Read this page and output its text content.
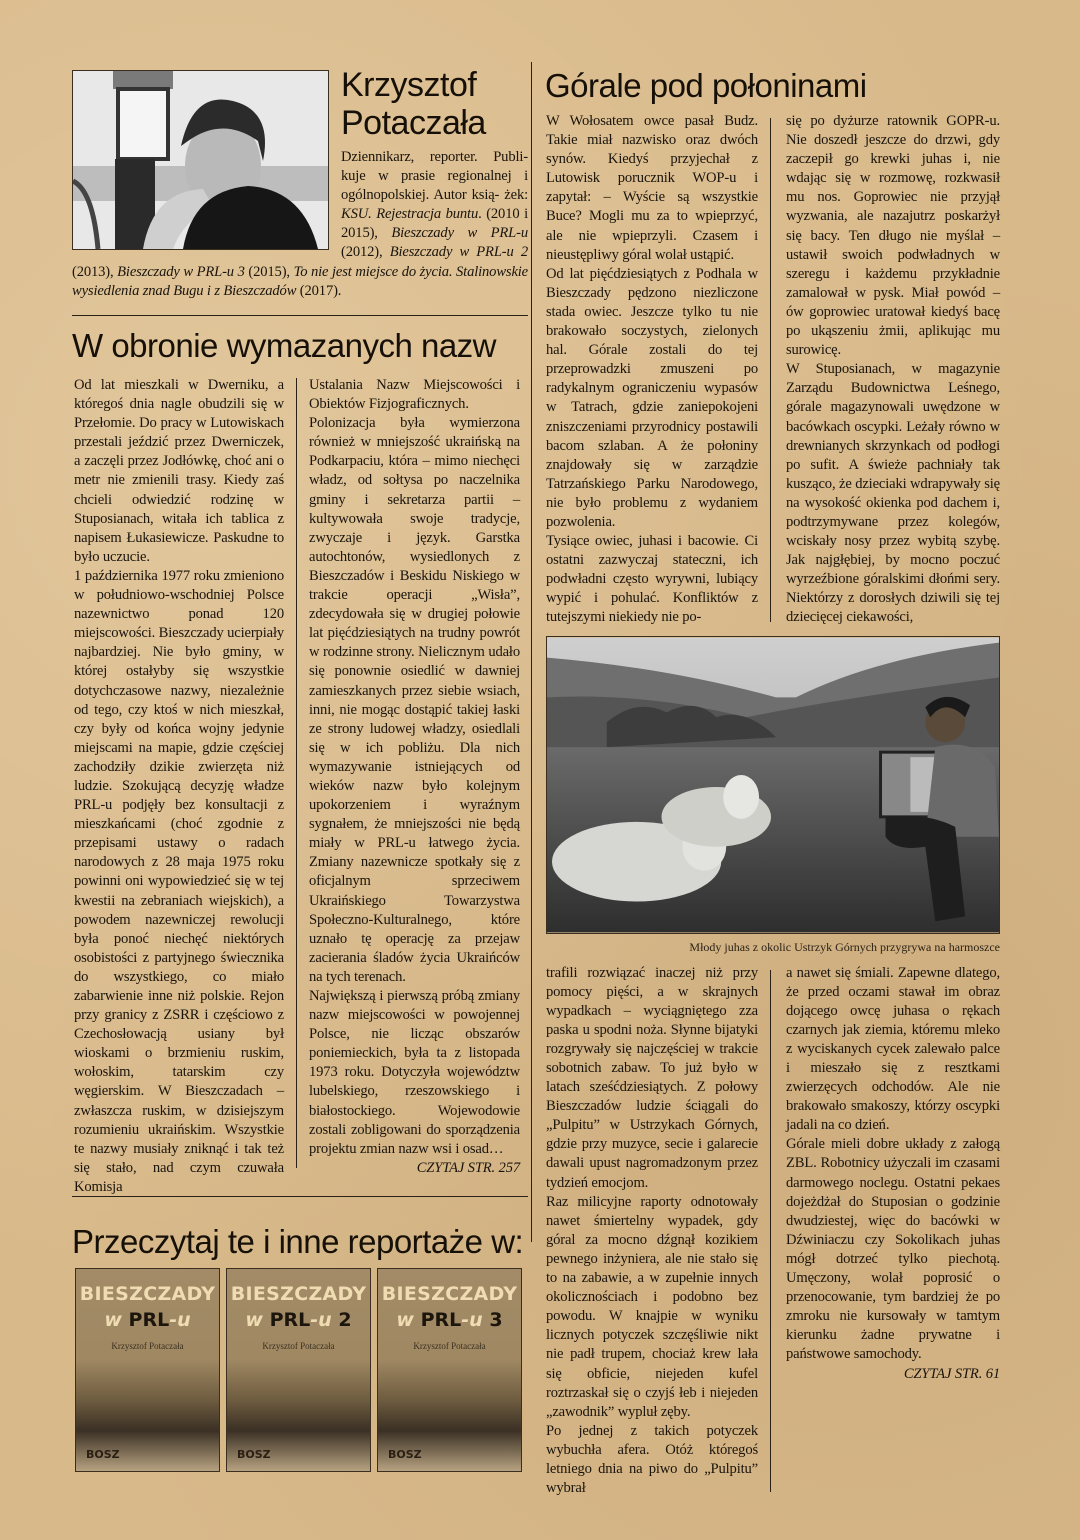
Krzysztof
Potaczała
Dziennikarz, reporter. Publi- kuje w prasie regionalnej i ogólnopolskiej. Autor ksią- żek: KSU. Rejestracja buntu. (2010 i 2015), Bieszczady w PRL-u (2012), Bieszczady w PRL-u 2 (2013), Bieszczady w PRL-u 3 (2015), To nie jest miejsce do życia. Stalinowskie wysiedlenia znad Bugu i z Bieszczadów (2017).
W obronie wymazanych nazw

Od lat mieszkali w Dwerniku, a któregoś dnia nagle obudzili się w Przełomie. Do pracy w Lutowiskach przestali jeździć przez Dwerniczek, a zaczęli przez Jodłówkę, choć ani o metr nie zmienili trasy. Kiedy zaś chcieli odwiedzić rodzinę w Stuposianach, witała ich tablica z napisem Łukasiewicze. Paskudne to było uczucie.

1 października 1977 roku zmieniono w południowo-wschodniej Polsce nazewnictwo ponad 120 miejscowości. Bieszczady ucierpiały najbardziej. Nie było gminy, w której ostałyby się wszystkie dotychczasowe nazwy, niezależnie od tego, czy ktoś w nich mieszkał, czy były od końca wojny jedynie miejscami na mapie, gdzie częściej zachodziły dzikie zwierzęta niż ludzie. Szokującą decyzję władze PRL-u podjęły bez konsultacji z mieszkańcami (choć zgodnie z przepisami ustawy o radach narodowych z 28 maja 1975 roku powinni oni wypowiedzieć się w tej kwestii na zebraniach wiejskich), a powodem nazewniczej rewolucji była ponoć niechęć niektórych osobistości z partyjnego świecznika do wszystkiego, co miało zabarwienie inne niż polskie. Rejon przy granicy z ZSRR i częściowo z Czechosłowacją usiany był wioskami o brzmieniu ruskim, wołoskim, tatarskim czy węgierskim. W Bieszczadach – zwłaszcza ruskim, w dzisiejszym rozumieniu ukraińskim. Wszystkie te nazwy musiały zniknąć i tak też się stało, nad czym czuwała Komisja

Ustalania Nazw Miejscowości i Obiektów Fizjograficznych.

Polonizacja była wymierzona również w mniejszość ukraińską na Podkarpaciu, która – mimo niechęci władz, od sołtysa po naczelnika gminy i sekretarza partii – kultywowała swoje tradycje, zwyczaje i język. Garstka autochtonów, wysiedlonych z Bieszczadów i Beskidu Niskiego w trakcie operacji „Wisła”, zdecydowała się w drugiej połowie lat pięćdziesiątych na trudny powrót w rodzinne strony. Nielicznym udało się ponownie osiedlić w dawniej zamieszkanych przez siebie wsiach, inni, nie mogąc dostąpić takiej łaski ze strony ludowej władzy, osiedlali się w ich pobliżu. Dla nich wymazywanie istniejących od wieków nazw było kolejnym upokorzeniem i wyraźnym sygnałem, że mniejszości nie będą miały w PRL-u łatwego życia. Zmiany nazewnicze spotkały się z oficjalnym sprzeciwem Ukraińskiego Towarzystwa Społeczno-Kulturalnego, które uznało tę operację za przejaw zacierania śladów życia Ukraińców na tych terenach.

Największą i pierwszą próbą zmiany nazw miejscowości w powojennej Polsce, nie licząc obszarów poniemieckich, była ta z listopada 1973 roku. Dotyczyła województw lubelskiego, rzeszowskiego i białostockiego. Wojewodowie zostali zobligowani do sporządzenia projektu zmian nazw wsi i osad…

CZYTAJ STR. 257

Przeczytaj te i inne reportaże w:
BIESZCZADY
w PRL-u
Krzysztof Potaczała
BOSZ
BIESZCZADY
w PRL-u 2
Krzysztof Potaczała
BOSZ
BIESZCZADY
w PRL-u 3
Krzysztof Potaczała
BOSZ
Górale pod połoninami

W Wołosatem owce pasał Budz. Takie miał nazwisko oraz dwóch synów. Kiedyś przyjechał z Lutowisk porucznik WOP-u i zapytał: – Wyście są wszystkie Buce? Mogli mu za to wpieprzyć, ale nie wpieprzyli. Czasem i nieustępliwy góral wolał ustąpić.

Od lat pięćdziesiątych z Podhala w Bieszczady pędzono niezliczone stada owiec. Jeszcze tylko tu nie brakowało soczystych, zielonych hal. Górale zostali do tej przeprowadzki zmuszeni po radykalnym ograniczeniu wypasów w Tatrach, gdzie zaniepokojeni zniszczeniami przyrodnicy postawili bacom szlaban. A że połoniny znajdowały się w zarządzie Tatrzańskiego Parku Narodowego, nie było problemu z wydaniem pozwolenia.

Tysiące owiec, juhasi i bacowie. Ci ostatni zazwyczaj stateczni, ich podwładni często wyrywni, lubiący wypić i pohulać. Konfliktów z tutejszymi niekiedy nie po-

się po dyżurze ratownik GOPR-u. Nie doszedł jeszcze do drzwi, gdy zaczepił go krewki juhas i, nie wdając się w rozmowę, rozkwasił mu nos. Goprowiec nie przyjął wyzwania, ale nazajutrz poskarżył się bacy. Ten długo nie myślał – ustawił swoich podwładnych w szeregu i każdemu przykładnie zamalował w pysk. Miał powód – ów goprowiec uratował kiedyś bacę po ukąszeniu żmii, aplikując mu surowicę.

W Stuposianach, w magazynie Zarządu Budownictwa Leśnego, górale magazynowali uwędzone w bacówkach oscypki. Leżały równo w drewnianych skrzynkach od podłogi po sufit. A świeże pachniały tak kusząco, że dzieciaki wdrapywały się na wysokość okienka pod dachem i, podtrzymywane przez kolegów, wciskały nosy przez wybitą szybę. Jak najgłębiej, by mocno poczuć wyrzeźbione góralskimi dłońmi sery. Niektórzy z dorosłych dziwili się tej dziecięcej ciekawości,

Młody juhas z okolic Ustrzyk Górnych przygrywa na harmoszce

trafili rozwiązać inaczej niż przy pomocy pięści, a w skrajnych wypadkach – wyciągniętego zza paska u spodni noża. Słynne bijatyki rozgrywały się najczęściej w trakcie sobotnich zabaw. To już było w latach sześćdziesiątych. Z połowy Bieszczadów ludzie ściągali do „Pulpitu” w Ustrzykach Górnych, gdzie przy muzyce, secie i galarecie dawali upust nagromadzonym przez tydzień emocjom.

Raz milicyjne raporty odnotowały nawet śmiertelny wypadek, gdy góral za mocno dźgnął kozikiem pewnego inżyniera, ale nie stało się to na zabawie, a w zupełnie innych okolicznościach i podobno bez powodu. W knajpie w wyniku licznych potyczek szczęśliwie nikt nie padł trupem, chociaż krew lała się obficie, niejeden kufel roztrzaskał się o czyjś łeb i niejeden „zawodnik” wypluł zęby.

Po jednej z takich potyczek wybuchła afera. Otóż któregoś letniego dnia na piwo do „Pulpitu” wybrał

a nawet się śmiali. Zapewne dlatego, że przed oczami stawał im obraz dojącego owcę juhasa o rękach czarnych jak ziemia, któremu mleko z wyciskanych cycek zalewało palce i mieszało się z resztkami zwierzęcych odchodów. Ale nie brakowało smakoszy, którzy oscypki jadali na co dzień.

Górale mieli dobre układy z załogą ZBL. Robotnicy użyczali im czasami darmowego noclegu. Ostatni pekaes dojeżdżał do Stuposian o godzinie dwudziestej, więc do bacówki w Dźwiniaczu czy Sokolikach juhas mógł dotrzeć tylko piechotą. Umęczony, wolał poprosić o przenocowanie, tym bardziej że po zmroku nie kursowały w tamtym kierunku żadne prywatne i państwowe samochody.

CZYTAJ STR. 61
